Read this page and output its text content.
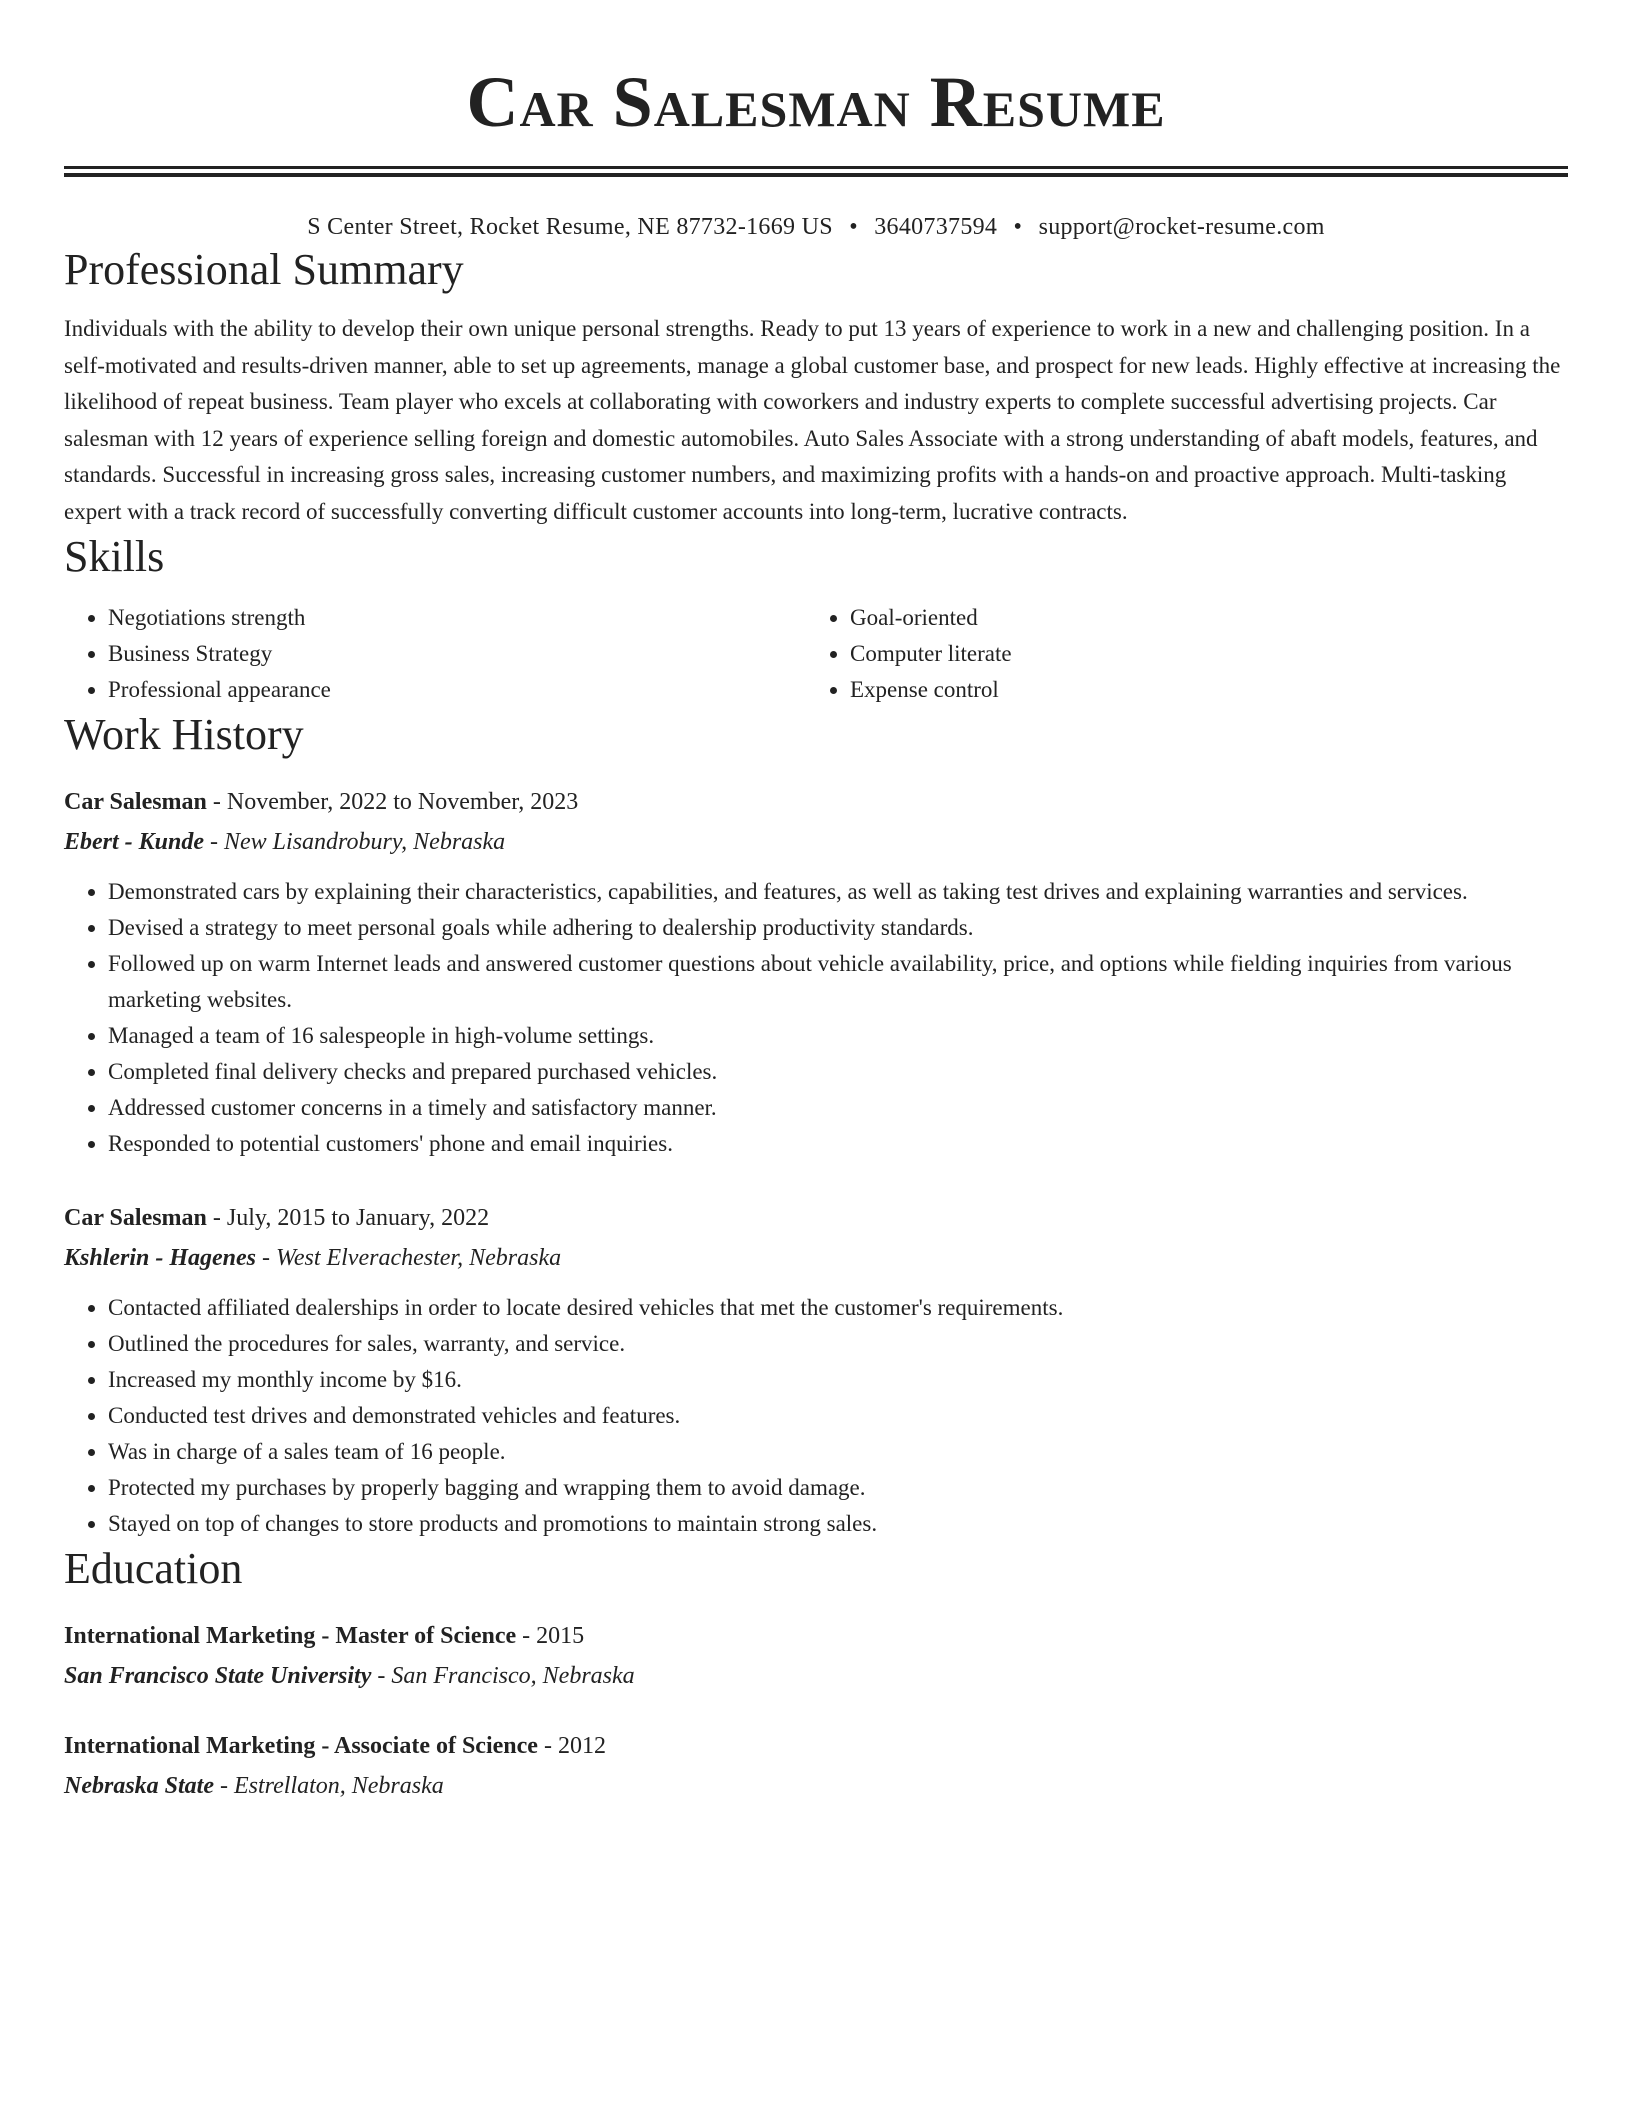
Car Salesman Resume
S Center Street, Rocket Resume, NE 87732-1669 US • 3640737594 • support@rocket-resume.com
Professional Summary

Individuals with the ability to develop their own unique personal strengths. Ready to put 13 years of experience to work in a new and challenging position. In a self-motivated and results-driven manner, able to set up agreements, manage a global customer base, and prospect for new leads. Highly effective at increasing the likelihood of repeat business. Team player who excels at collaborating with coworkers and industry experts to complete successful advertising projects. Car salesman with 12 years of experience selling foreign and domestic automobiles. Auto Sales Associate with a strong understanding of abaft models, features, and standards. Successful in increasing gross sales, increasing customer numbers, and maximizing profits with a hands-on and proactive approach. Multi-tasking expert with a track record of successfully converting difficult customer accounts into long-term, lucrative contracts.

Skills
• Negotiations strength
• Business Strategy
• Professional appearance
• Goal-oriented
• Computer literate
• Expense control
Work History
Car Salesman - November, 2022 to November, 2023
Ebert - Kunde - New Lisandrobury, Nebraska
• Demonstrated cars by explaining their characteristics, capabilities, and features, as well as taking test drives and explaining warranties and services.
• Devised a strategy to meet personal goals while adhering to dealership productivity standards.
• Followed up on warm Internet leads and answered customer questions about vehicle availability, price, and options while fielding inquiries from various marketing websites.
• Managed a team of 16 salespeople in high-volume settings.
• Completed final delivery checks and prepared purchased vehicles.
• Addressed customer concerns in a timely and satisfactory manner.
• Responded to potential customers' phone and email inquiries.
Car Salesman - July, 2015 to January, 2022
Kshlerin - Hagenes - West Elverachester, Nebraska
• Contacted affiliated dealerships in order to locate desired vehicles that met the customer's requirements.
• Outlined the procedures for sales, warranty, and service.
• Increased my monthly income by $16.
• Conducted test drives and demonstrated vehicles and features.
• Was in charge of a sales team of 16 people.
• Protected my purchases by properly bagging and wrapping them to avoid damage.
• Stayed on top of changes to store products and promotions to maintain strong sales.
Education
International Marketing - Master of Science - 2015
San Francisco State University - San Francisco, Nebraska
International Marketing - Associate of Science - 2012
Nebraska State - Estrellaton, Nebraska
